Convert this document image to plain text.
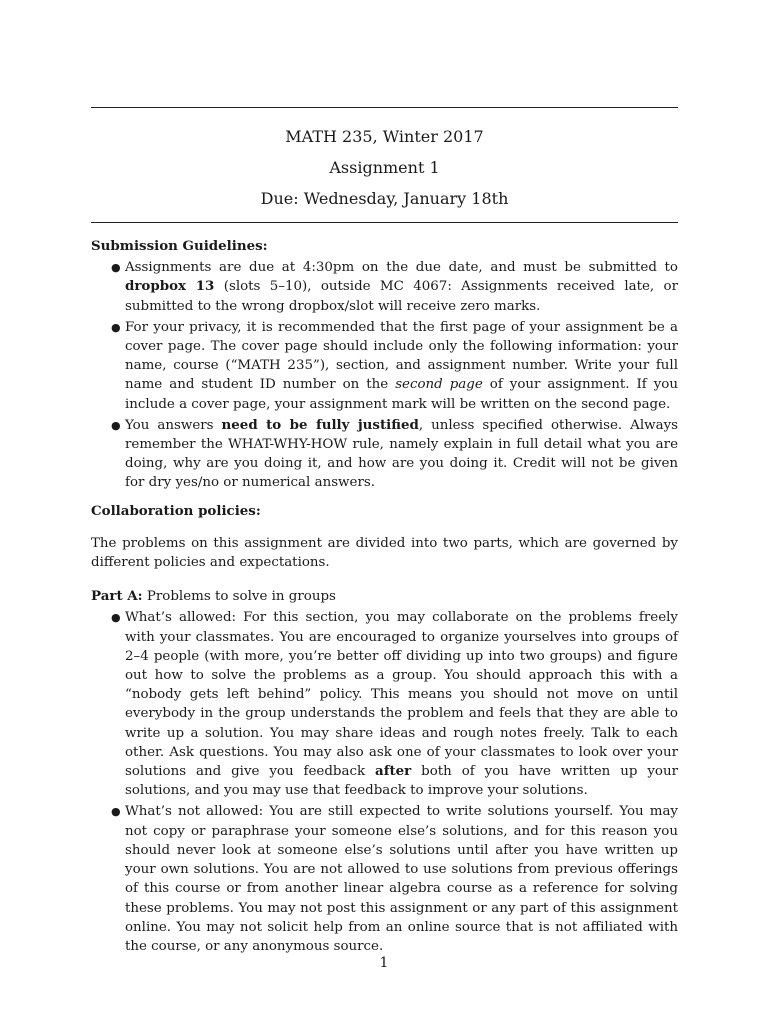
MATH 235, Winter 2017
Assignment 1
Due: Wednesday, January 18th

Submission Guidelines:

● Assignments are due at 4:30pm on the due date, and must be submitted to dropbox 13 (slots 5–10), outside MC 4067: Assignments received late, or submitted to the wrong dropbox/slot will receive zero marks.
● For your privacy, it is recommended that the first page of your assignment be a cover page. The cover page should include only the following information: your name, course (“MATH 235”), section, and assignment number. Write your full name and student ID number on the second page of your assignment. If you include a cover page, your assignment mark will be written on the second page.
● You answers need to be fully justified, unless specified otherwise. Always remember the WHAT-WHY-HOW rule, namely explain in full detail what you are doing, why are you doing it, and how are you doing it. Credit will not be given for dry yes/no or numerical answers.

Collaboration policies:

The problems on this assignment are divided into two parts, which are governed by different policies and expectations.

Part A: Problems to solve in groups

● What’s allowed: For this section, you may collaborate on the problems freely with your classmates. You are encouraged to organize yourselves into groups of 2–4 people (with more, you’re better off dividing up into two groups) and figure out how to solve the problems as a group. You should approach this with a “nobody gets left behind” policy. This means you should not move on until everybody in the group understands the problem and feels that they are able to write up a solution. You may share ideas and rough notes freely. Talk to each other. Ask questions. You may also ask one of your classmates to look over your solutions and give you feedback after both of you have written up your solutions, and you may use that feedback to improve your solutions.
● What’s not allowed: You are still expected to write solutions yourself. You may not copy or paraphrase your someone else’s solutions, and for this reason you should never look at someone else’s solutions until after you have written up your own solutions. You are not allowed to use solutions from previous offerings of this course or from another linear algebra course as a reference for solving these problems. You may not post this assignment or any part of this assignment online. You may not solicit help from an online source that is not affiliated with the course, or any anonymous source.
1
